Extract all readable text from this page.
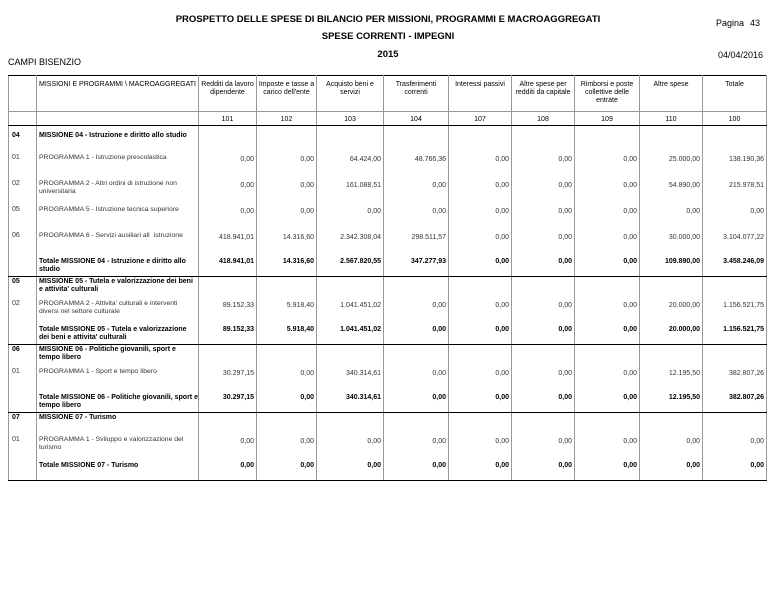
PROSPETTO DELLE SPESE DI BILANCIO PER MISSIONI, PROGRAMMI E MACROAGGREGATI
SPESE CORRENTI - IMPEGNI
2015
Pagina 43
CAMPI BISENZIO
04/04/2016
	MISSIONI E PROGRAMMI \ MACROAGGREGATI	Redditi da lavoro dipendente	Imposte e tasse a carico dell'ente	Acquisto beni e servizi	Trasferimenti correnti	Interessi passivi	Altre spese per redditi da capitale	Rimborsi e poste collettive delle entrate	Altre spese	Totale
		101	102	103	104	107	108	109	110	100

04	MISSIONE 04 - Istruzione e diritto allo studio									
01	PROGRAMMA 1 - Istruzione prescolastica	0,00	0,00	64.424,00	48.766,36	0,00	0,00	0,00	25.000,00	138.190,36
02	PROGRAMMA 2 - Altri ordini di istruzione non universitaria	0,00	0,00	161.088,51	0,00	0,00	0,00	0,00	54.890,00	215.978,51
05	PROGRAMMA 5 - Istruzione tecnica superiore	0,00	0,00	0,00	0,00	0,00	0,00	0,00	0,00	0,00
06	PROGRAMMA 6 - Servizi ausiliari allistruzione	418.941,01	14.316,60	2.342.308,04	298.511,57	0,00	0,00	0,00	30.000,00	3.104.077,22
	Totale MISSIONE 04 - Istruzione e diritto allo studio	418.941,01	14.316,60	2.567.820,55	347.277,93	0,00	0,00	0,00	109.890,00	3.458.246,09
05	MISSIONE 05 - Tutela e valorizzazione dei beni e attivita' culturali									
02	PROGRAMMA 2 - Attivita' culturali e interventi diversi nel settore culturale	89.152,33	5.918,40	1.041.451,02	0,00	0,00	0,00	0,00	20.000,00	1.156.521,75
	Totale MISSIONE 05 - Tutela e valorizzazione dei beni e attivita' culturali	89.152,33	5.918,40	1.041.451,02	0,00	0,00	0,00	0,00	20.000,00	1.156.521,75
06	MISSIONE 06 - Politiche giovanili, sport e tempo libero									
01	PROGRAMMA 1 - Sport e tempo libero	30.297,15	0,00	340.314,61	0,00	0,00	0,00	0,00	12.195,50	382.807,26
	Totale MISSIONE 06 - Politiche giovanili, sport e tempo libero	30.297,15	0,00	340.314,61	0,00	0,00	0,00	0,00	12.195,50	382.807,26
07	MISSIONE 07 - Turismo									
01	PROGRAMMA 1 - Sviluppo e valorizzazione del turismo	0,00	0,00	0,00	0,00	0,00	0,00	0,00	0,00	0,00
	Totale MISSIONE 07 - Turismo	0,00	0,00	0,00	0,00	0,00	0,00	0,00	0,00	0,00
